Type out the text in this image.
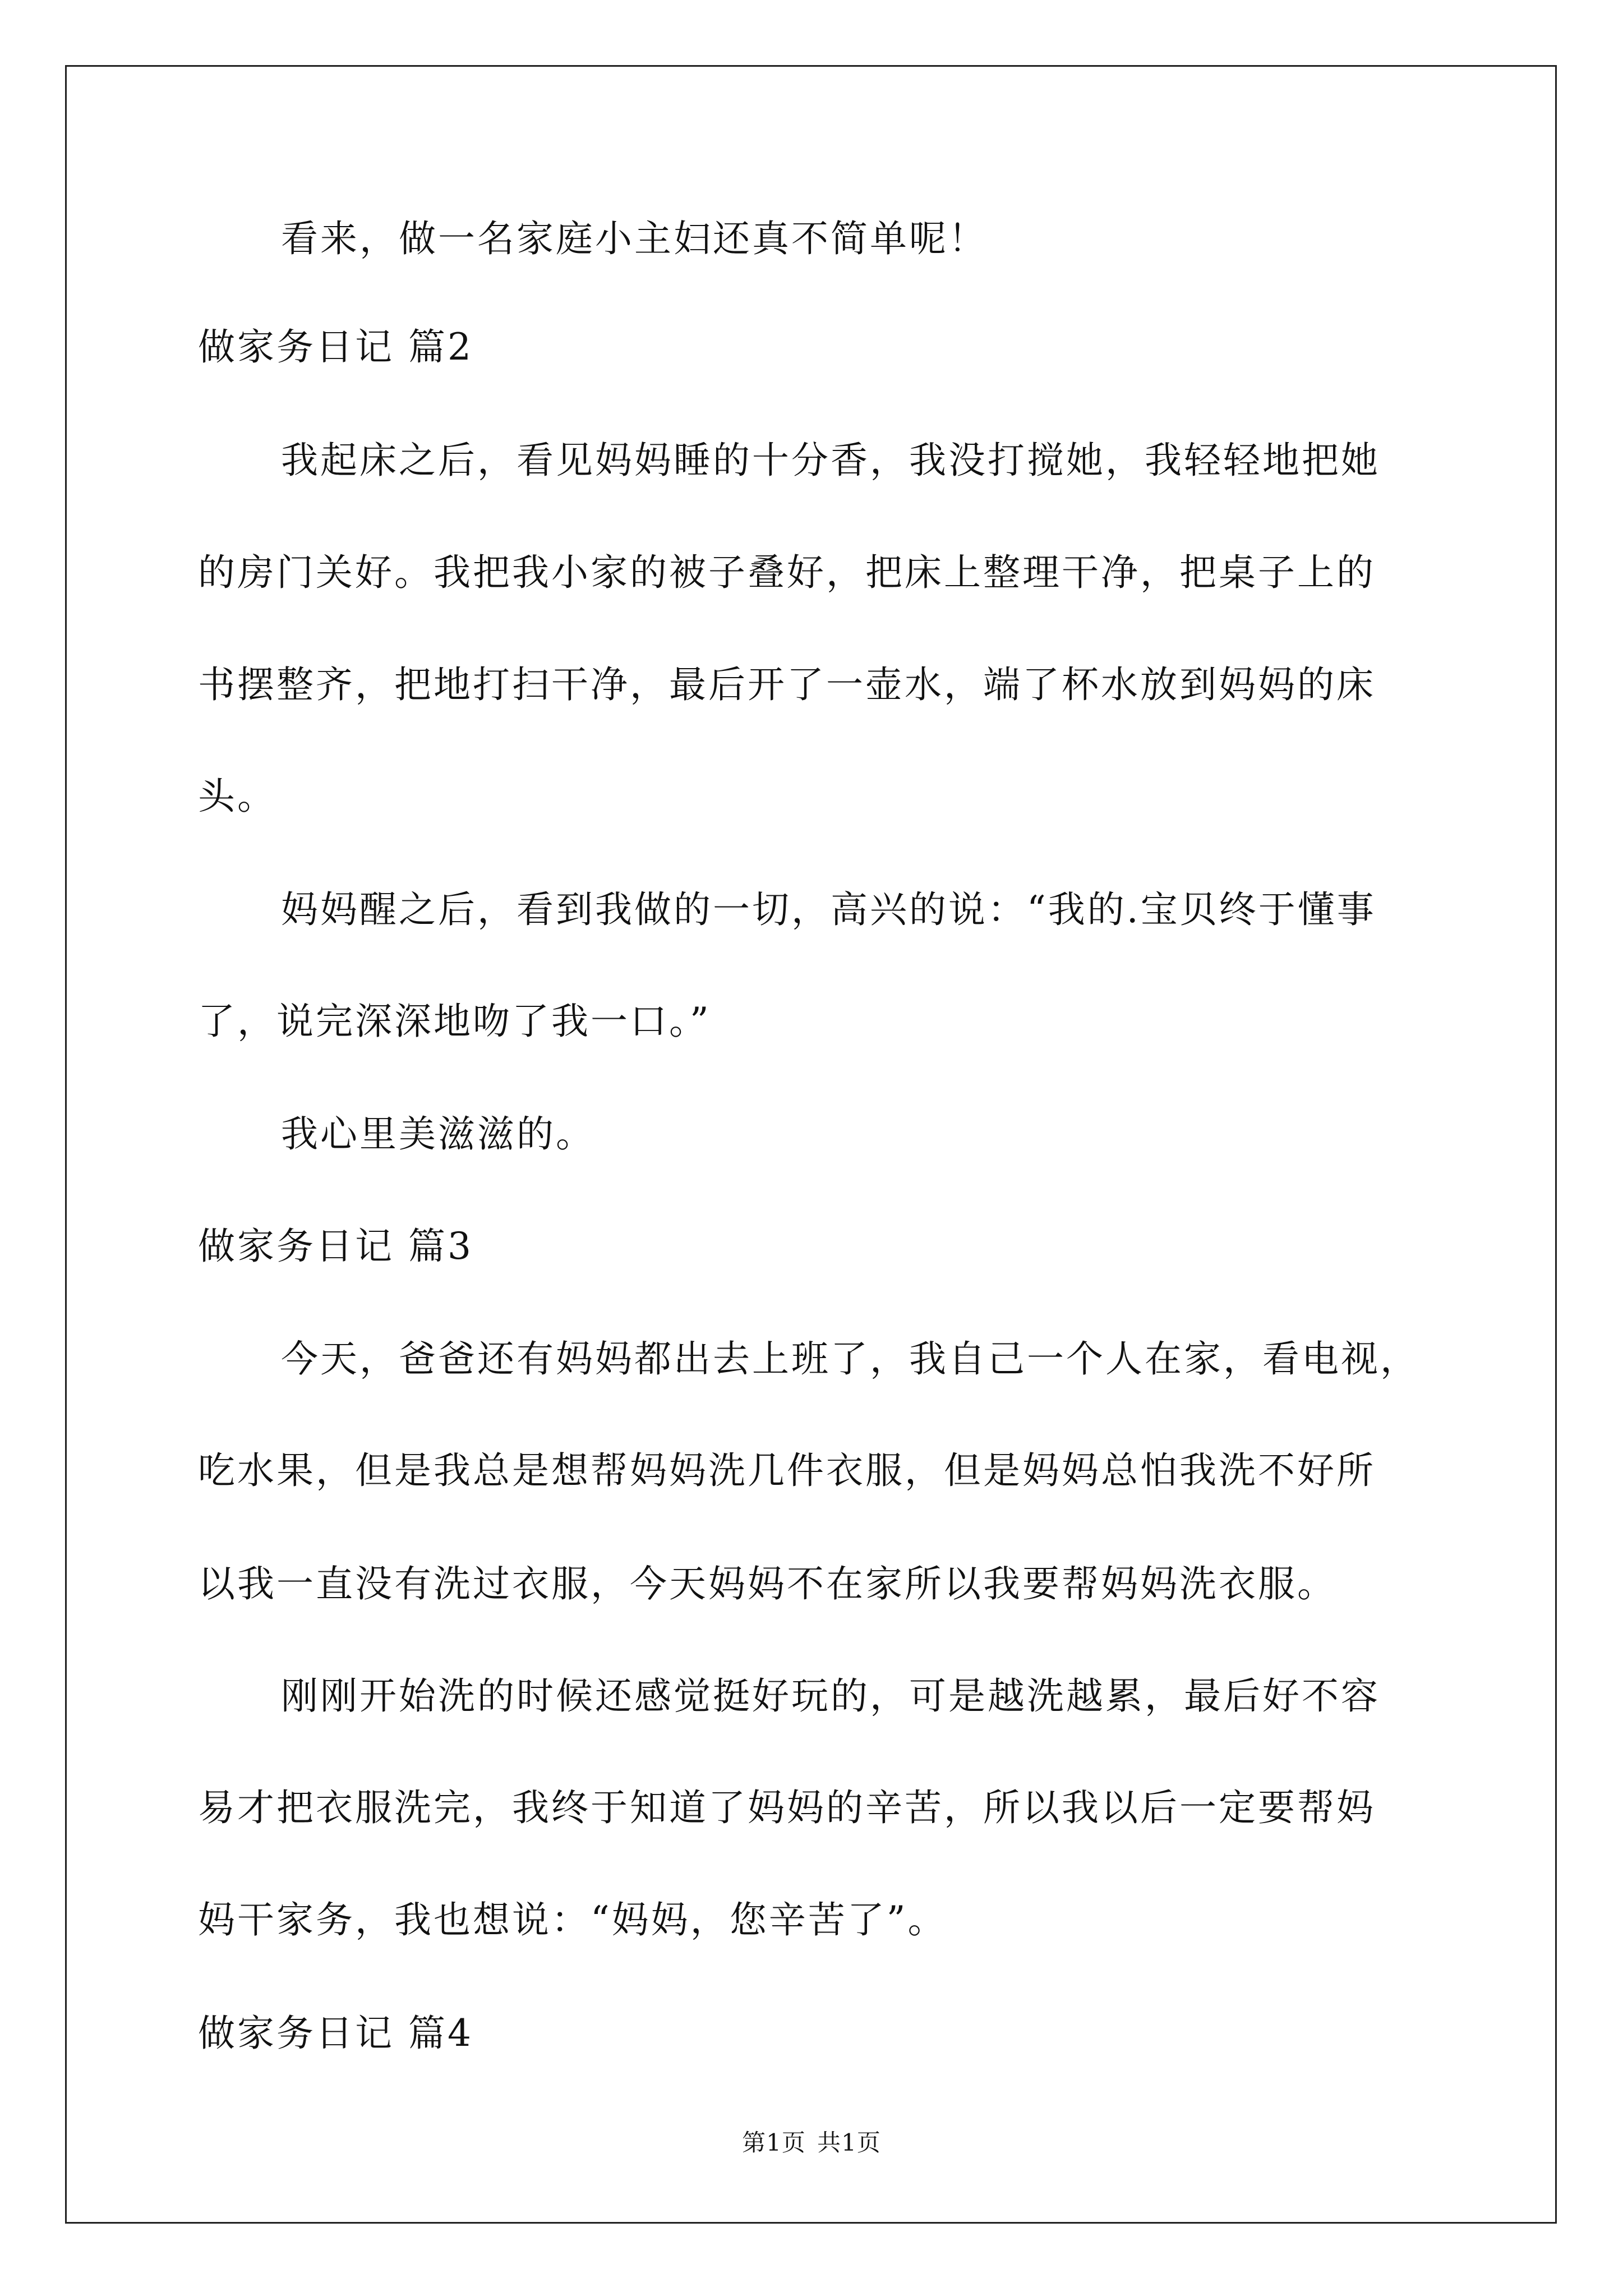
看来，做一名家庭小主妇还真不简单呢！
做家务日记 篇2
我起床之后，看见妈妈睡的十分香，我没打搅她，我轻轻地把她
的房门关好。我把我小家的被子叠好，把床上整理干净，把桌子上的
书摆整齐，把地打扫干净，最后开了一壶水，端了杯水放到妈妈的床
头。
妈妈醒之后，看到我做的一切，高兴的说：“我的.宝贝终于懂事
了，说完深深地吻了我一口。”
我心里美滋滋的。
做家务日记 篇3
今天，爸爸还有妈妈都出去上班了，我自己一个人在家，看电视，
吃水果，但是我总是想帮妈妈洗几件衣服，但是妈妈总怕我洗不好所
以我一直没有洗过衣服，今天妈妈不在家所以我要帮妈妈洗衣服。
刚刚开始洗的时候还感觉挺好玩的，可是越洗越累，最后好不容
易才把衣服洗完，我终于知道了妈妈的辛苦，所以我以后一定要帮妈
妈干家务，我也想说：“妈妈，您辛苦了”。
做家务日记 篇4
第1页 共1页
